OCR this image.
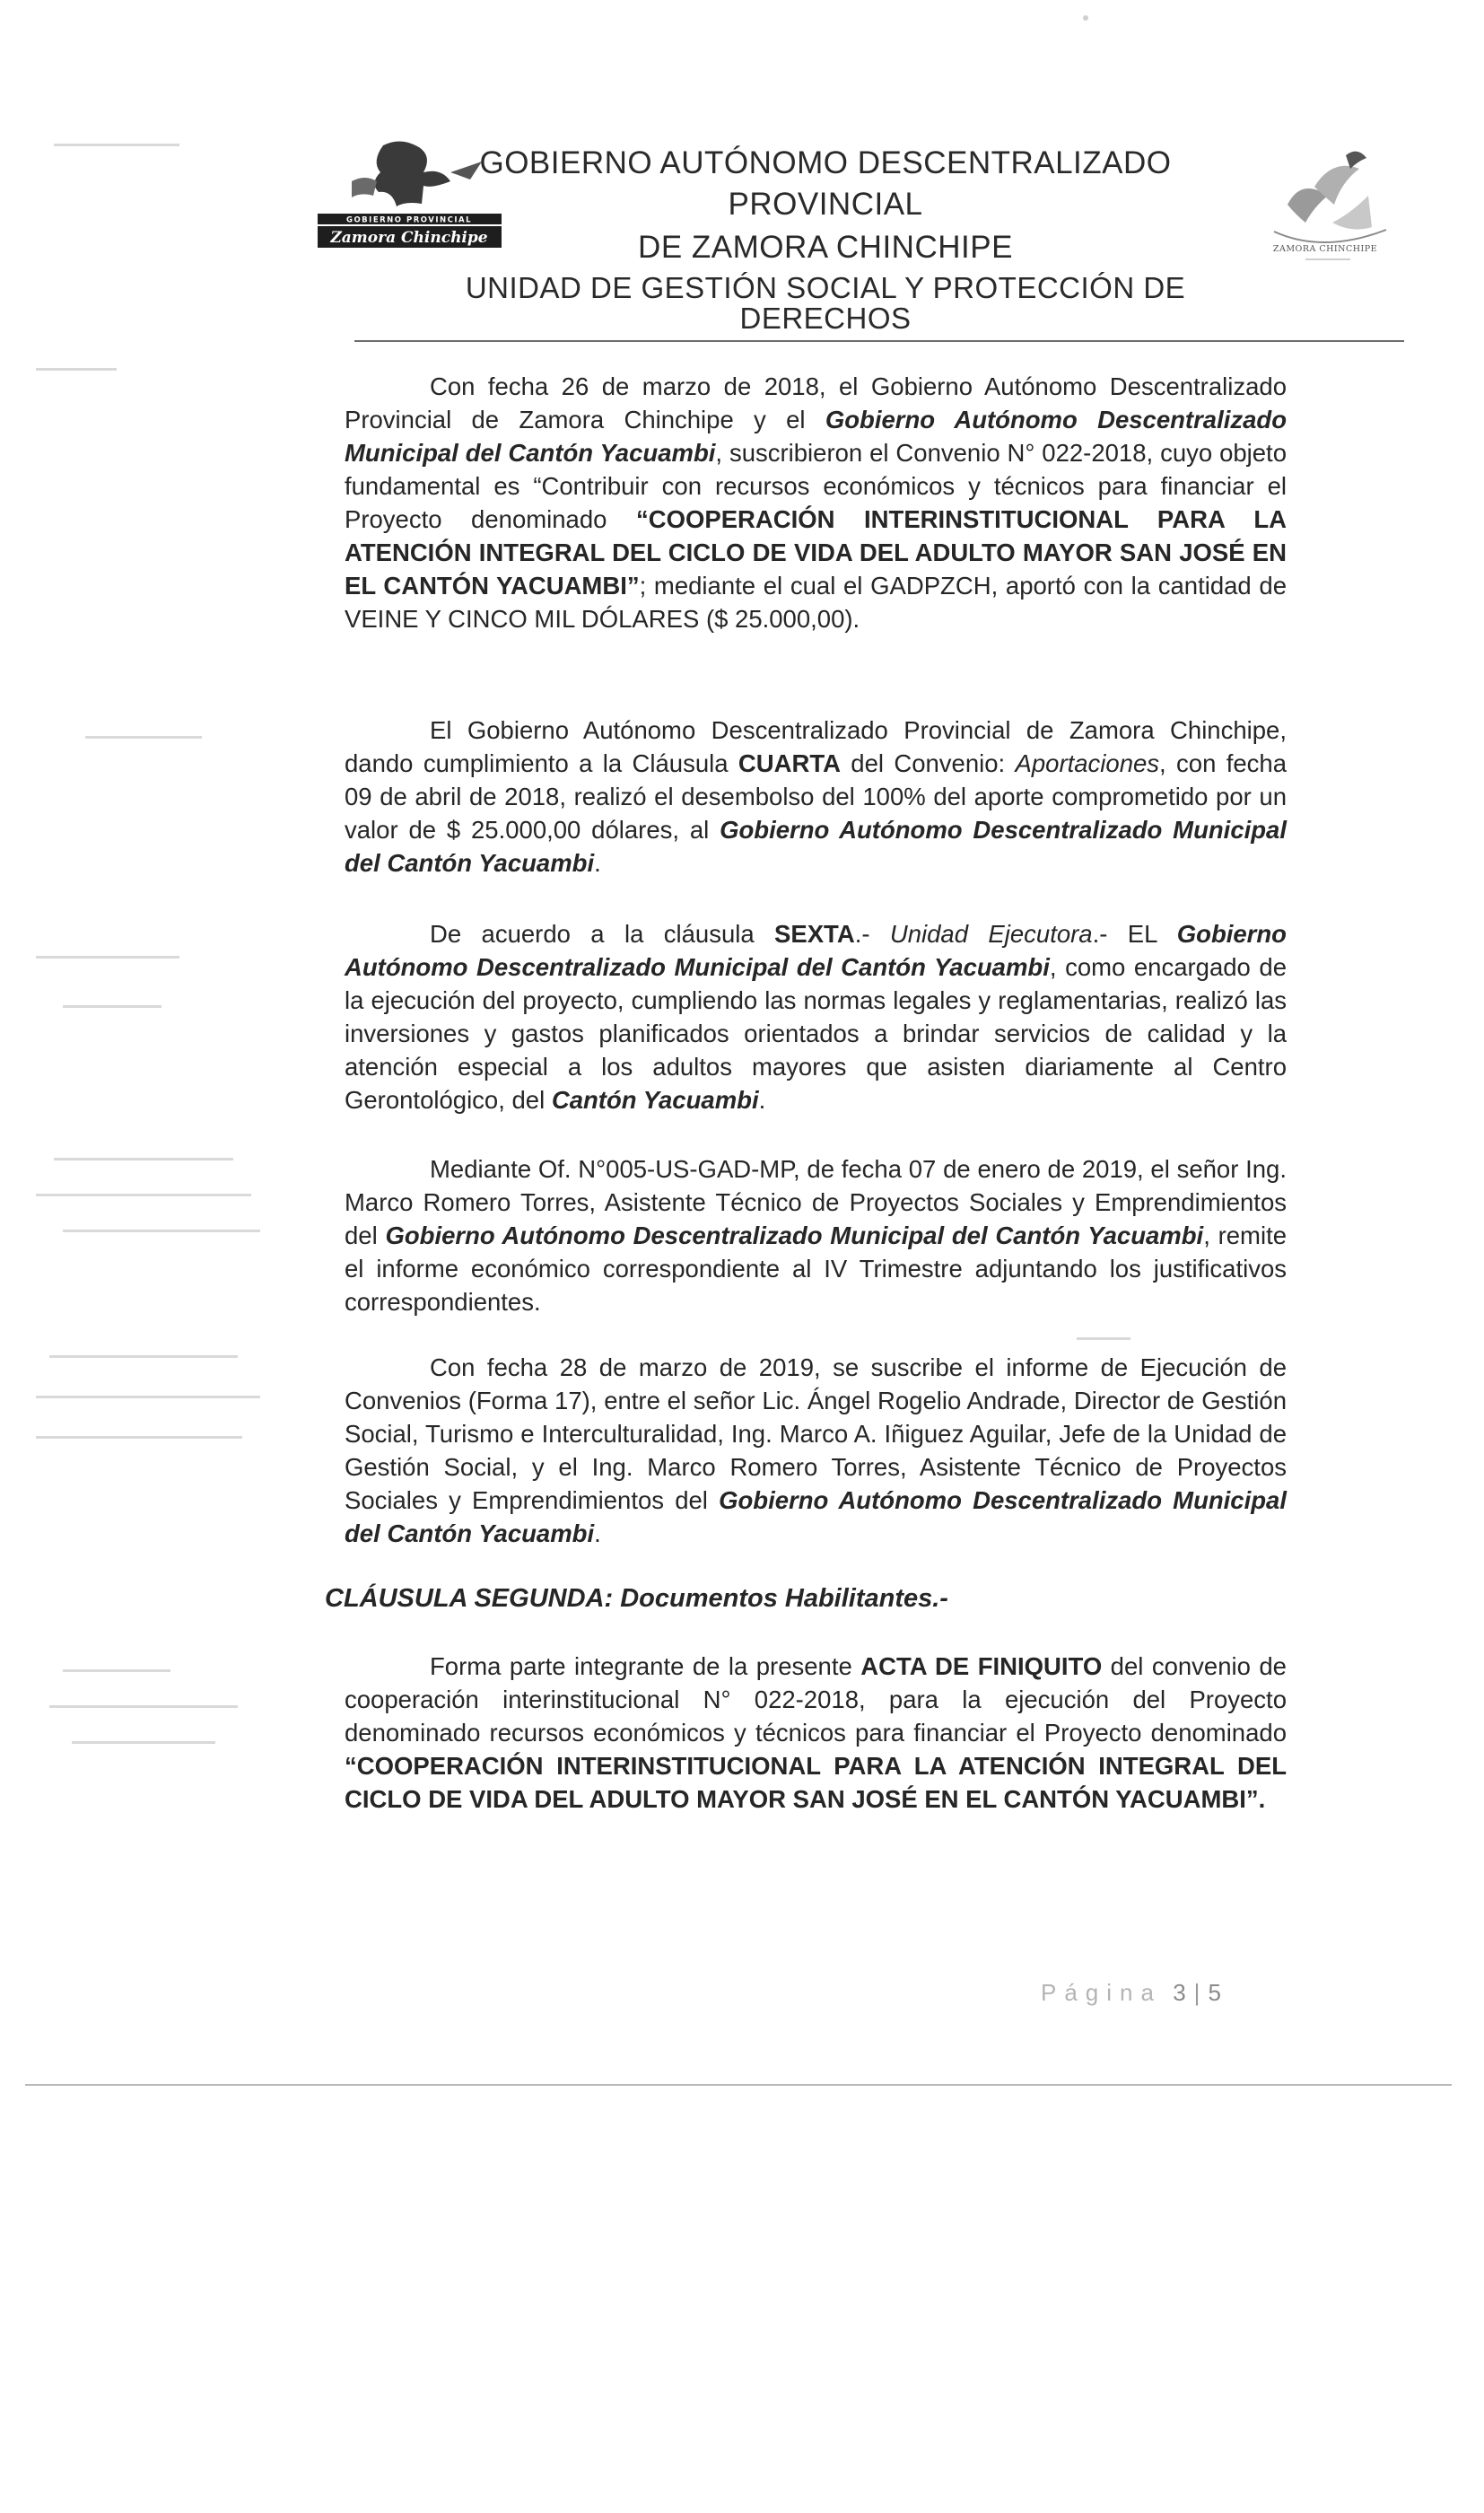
GOBIERNO PROVINCIAL
Zamora Chinchipe
ZAMORA CHINCHIPE
GOBIERNO AUTÓNOMO DESCENTRALIZADO
PROVINCIAL
DE ZAMORA CHINCHIPE
UNIDAD DE GESTIÓN SOCIAL Y PROTECCIÓN DE
DERECHOS

Con fecha 26 de marzo de 2018, el Gobierno Autónomo Descentralizado Provincial de Zamora Chinchipe y el Gobierno Autónomo Descentralizado Municipal del Cantón Yacuambi, suscribieron el Convenio N° 022-2018, cuyo objeto fundamental es “Contribuir con recursos económicos y técnicos para financiar el Proyecto denominado “COOPERACIÓN INTERINSTITUCIONAL PARA LA ATENCIÓN INTEGRAL DEL CICLO DE VIDA DEL ADULTO MAYOR SAN JOSÉ EN EL CANTÓN YACUAMBI”; mediante el cual el GADPZCH, aportó con la cantidad de VEINE Y CINCO MIL DÓLARES ($ 25.000,00).

El Gobierno Autónomo Descentralizado Provincial de Zamora Chinchipe, dando cumplimiento a la Cláusula CUARTA del Convenio: Aportaciones, con fecha 09 de abril de 2018, realizó el desembolso del 100% del aporte comprometido por un valor de $ 25.000,00 dólares, al Gobierno Autónomo Descentralizado Municipal del Cantón Yacuambi.

De acuerdo a la cláusula SEXTA.- Unidad Ejecutora.- EL Gobierno Autónomo Descentralizado Municipal del Cantón Yacuambi, como encargado de la ejecución del proyecto, cumpliendo las normas legales y reglamentarias, realizó las inversiones y gastos planificados orientados a brindar servicios de calidad y la atención especial a los adultos mayores que asisten diariamente al Centro Gerontológico, del Cantón Yacuambi.

Mediante Of. N°005-US-GAD-MP, de fecha 07 de enero de 2019, el señor Ing. Marco Romero Torres, Asistente Técnico de Proyectos Sociales y Emprendimientos del Gobierno Autónomo Descentralizado Municipal del Cantón Yacuambi, remite el informe económico correspondiente al IV Trimestre adjuntando los justificativos correspondientes.

Con fecha 28 de marzo de 2019, se suscribe el informe de Ejecución de Convenios (Forma 17), entre el señor Lic. Ángel Rogelio Andrade, Director de Gestión Social, Turismo e Interculturalidad, Ing. Marco A. Iñiguez Aguilar, Jefe de la Unidad de Gestión Social, y el Ing. Marco Romero Torres, Asistente Técnico de Proyectos Sociales y Emprendimientos del Gobierno Autónomo Descentralizado Municipal del Cantón Yacuambi.

CLÁUSULA SEGUNDA: Documentos Habilitantes.-

Forma parte integrante de la presente ACTA DE FINIQUITO del convenio de cooperación interinstitucional N° 022-2018, para la ejecución del Proyecto denominado recursos económicos y técnicos para financiar el Proyecto denominado “COOPERACIÓN INTERINSTITUCIONAL PARA LA ATENCIÓN INTEGRAL DEL CICLO DE VIDA DEL ADULTO MAYOR SAN JOSÉ EN EL CANTÓN YACUAMBI”.

Página 3 | 5
